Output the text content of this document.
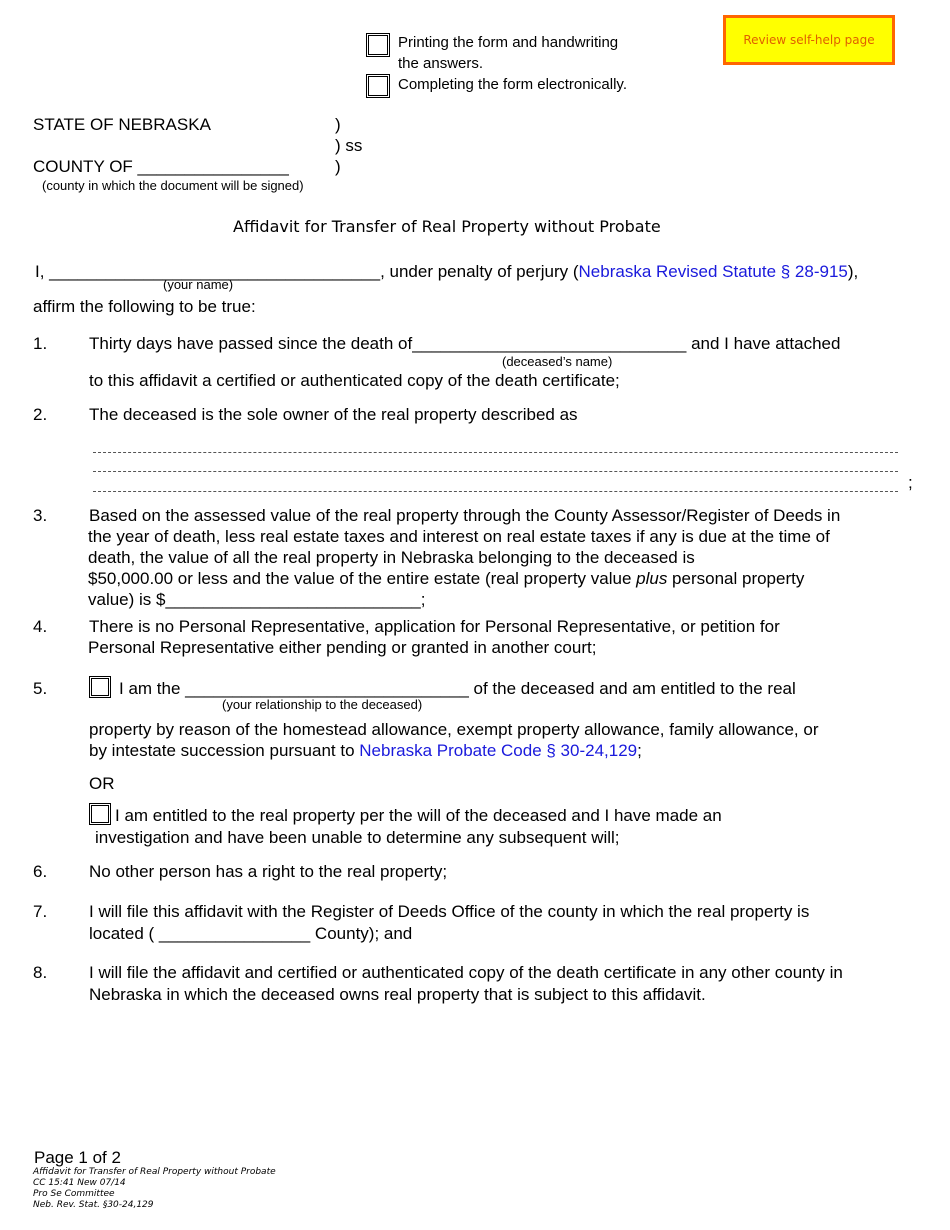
Printing the form and handwriting
the answers.
Completing the form electronically.
Review self-help page
STATE OF NEBRASKA	)
) ss
COUNTY OF ________________	)
(county in which the document will be signed)
Affidavit for Transfer of Real Property without Probate
I, ___________________________________, under penalty of perjury (Nebraska Revised Statute § 28-915),
(your name)
affirm the following to be true:
1. Thirty days have passed since the death of_____________________________ and I have attached
(deceased’s name)
to this affidavit a certified or authenticated copy of the death certificate;
2. The deceased is the sole owner of the real property described as
;
3. Based on the assessed value of the real property through the County Assessor/Register of Deeds in
the year of death, less real estate taxes and interest on real estate taxes if any is due at the time of
death, the value of all the real property in Nebraska belonging to the deceased is
$50,000.00 or less and the value of the entire estate (real property value plus personal property
value) is $___________________________;
4. There is no Personal Representative, application for Personal Representative, or petition for
Personal Representative either pending or granted in another court;
5.	I am the ______________________________ of the deceased and am entitled to the real
(your relationship to the deceased)
property by reason of the homestead allowance, exempt property allowance, family allowance, or
by intestate succession pursuant to Nebraska Probate Code § 30-24,129;
OR
I am entitled to the real property per the will of the deceased and I have made an
investigation and have been unable to determine any subsequent will;
6. No other person has a right to the real property;
7. I will file this affidavit with the Register of Deeds Office of the county in which the real property is
located ( ________________ County); and
8. I will file the affidavit and certified or authenticated copy of the death certificate in any other county in
Nebraska in which the deceased owns real property that is subject to this affidavit.
Page 1 of 2
Affidavit for Transfer of Real Property without Probate
CC 15:41 New 07/14
Pro Se Committee
Neb. Rev. Stat. §30-24,129
